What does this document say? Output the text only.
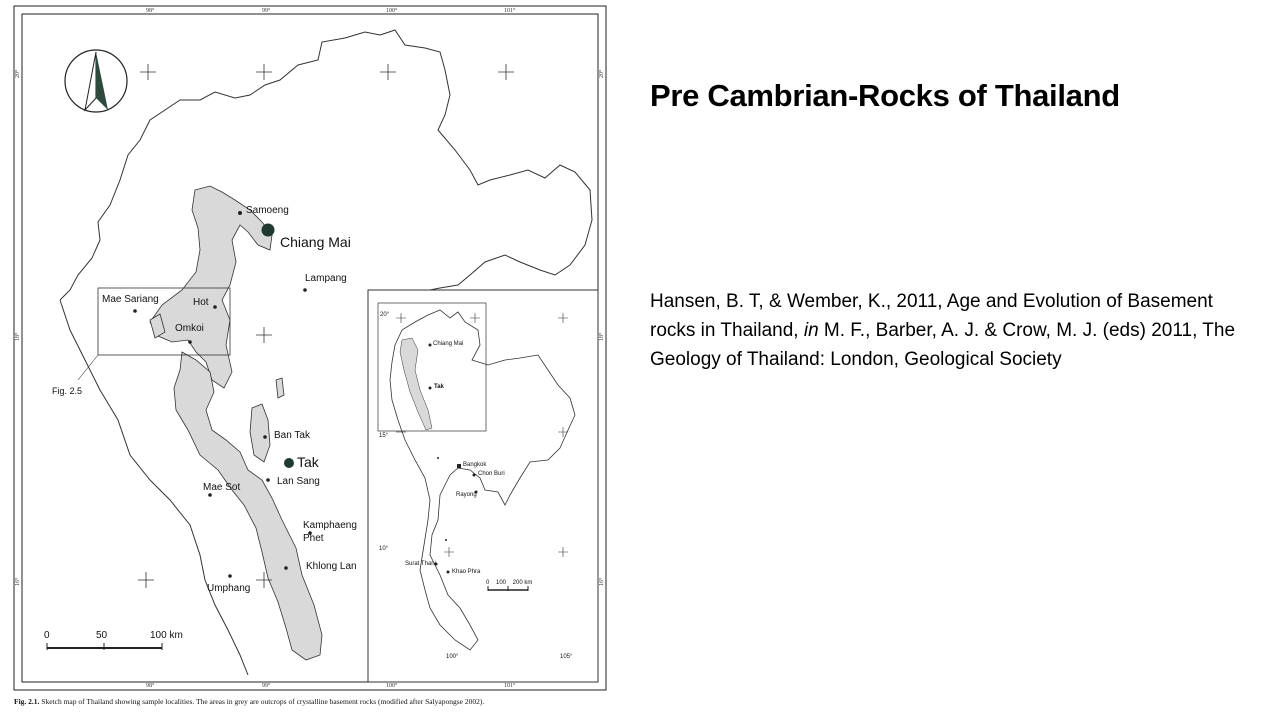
Samoeng
Chiang Mai
Lampang
Mae Sariang	Hot
Omkoi
Fig. 2.5
Ban Tak
Tak
Lan Sang
Mae Sot
Kamphaeng Phet
Khlong Lan
Umphang
98°	99°	100°	101°
98°	99°	100°	101°
20°
18°
16°
20°
18°
16°
0	50	100 km
Chiang Mai
Tak
Bangkok
Chon Buri
Rayong
Surat Thani
Khao Phra
20°
15°
10°
100°	105°
0    100    200 km
Fig. 2.1. Sketch map of Thailand showing sample localities. The areas in grey are outcrops of crystalline basement rocks (modified after Salyapongse 2002).
Pre Cambrian-Rocks of Thailand
Hansen, B. T, & Wember, K., 2011, Age and Evolution of Basement rocks in Thailand, in M. F., Barber, A. J. & Crow, M. J. (eds) 2011, The Geology of Thailand: London, Geological Society
